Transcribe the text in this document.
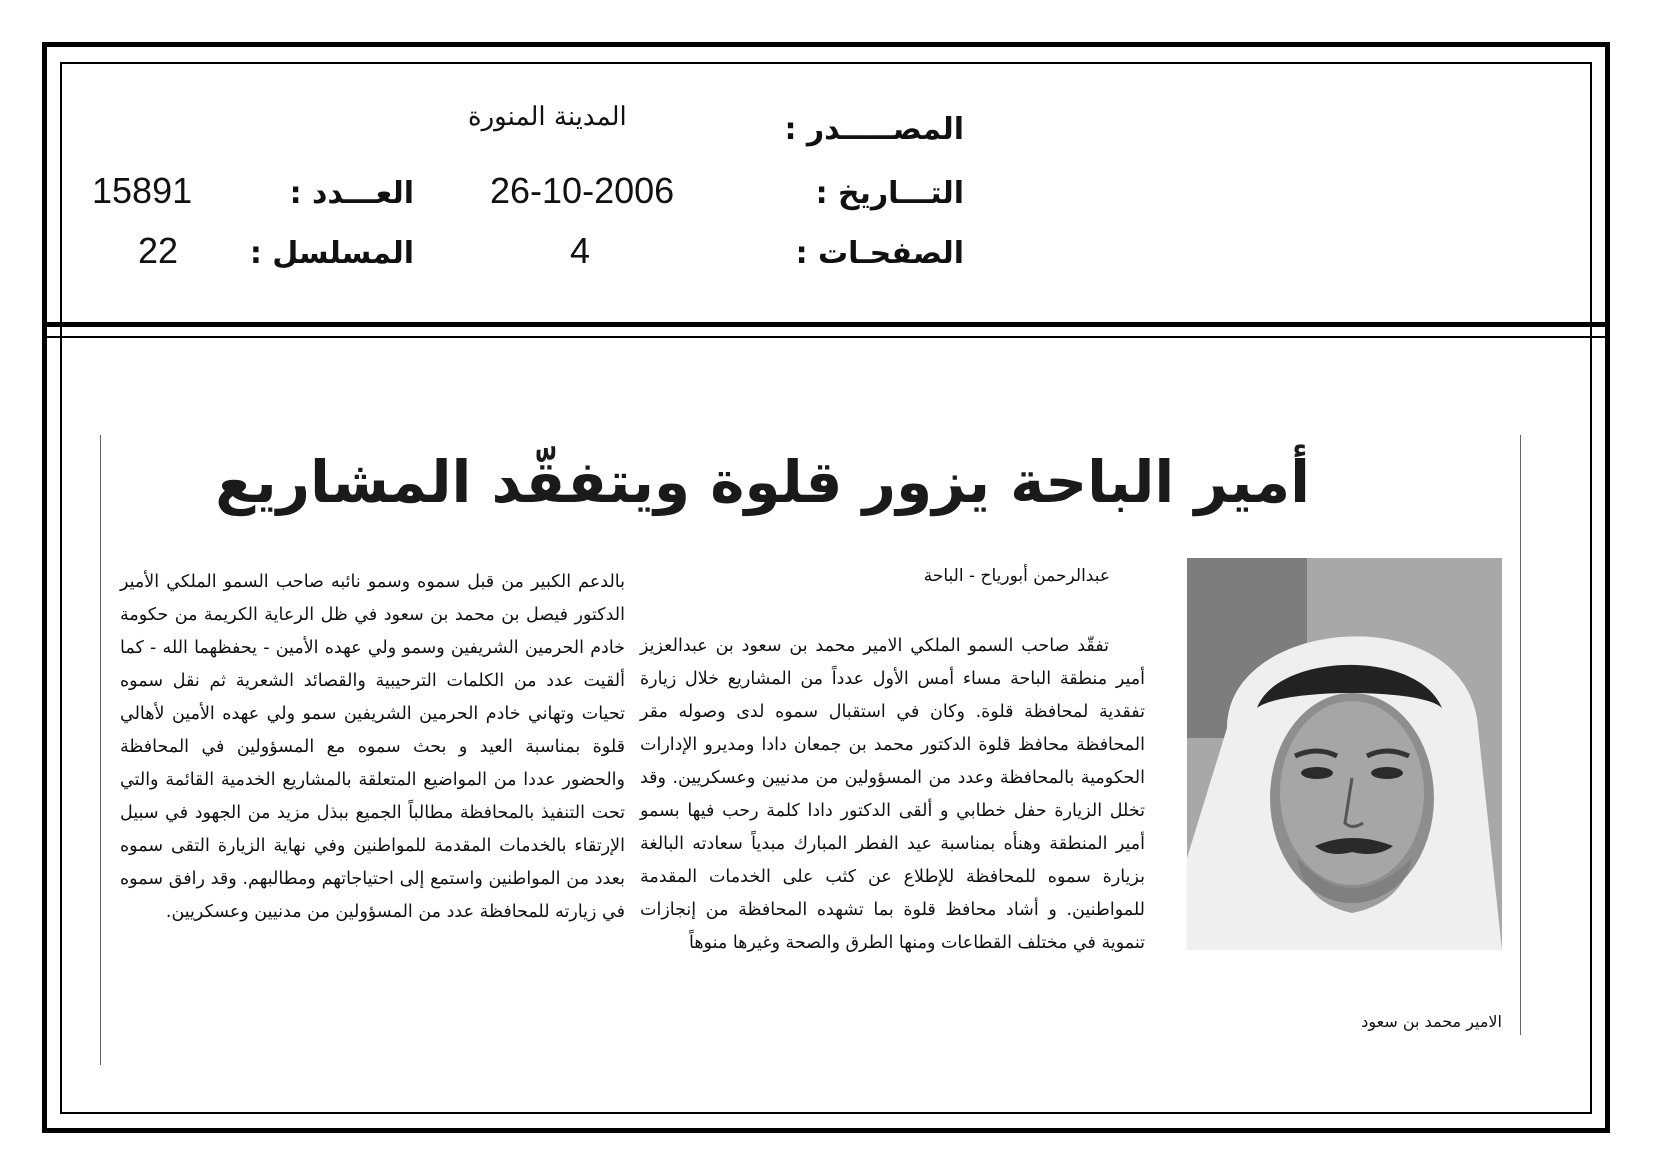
المصـــــدر :
المدينة المنورة
التـــاريخ :
26-10-2006
العـــدد :
15891
الصفحـات :
4
المسلسل :
22
أمير الباحة يزور قلوة ويتفقّد المشاريع
عبدالرحمن أبورياح - الباحة

تفقّد صاحب السمو الملكي الامير محمد بن سعود بن عبدالعزيز أمير منطقة الباحة مساء أمس الأول عدداً من المشاريع خلال زيارة تفقدية لمحافظة قلوة. وكان في استقبال سموه لدى وصوله مقر المحافظة محافظ قلوة الدكتور محمد بن جمعان دادا ومديرو الإدارات الحكومية بالمحافظة وعدد من المسؤولين من مدنيين وعسكريين. وقد تخلل الزيارة حفل خطابي و ألقى الدكتور دادا كلمة رحب فيها بسمو أمير المنطقة وهنأه بمناسبة عيد الفطر المبارك مبدياً سعادته البالغة بزيارة سموه للمحافظة للإطلاع عن كثب على الخدمات المقدمة للمواطنين. و أشاد محافظ قلوة بما تشهده المحافظة من إنجازات تنموية في مختلف القطاعات ومنها الطرق والصحة وغيرها منوهاً

بالدعم الكبير من قبل سموه وسمو نائبه صاحب السمو الملكي الأمير الدكتور فيصل بن محمد بن سعود في ظل الرعاية الكريمة من حكومة خادم الحرمين الشريفين وسمو ولي عهده الأمين - يحفظهما الله - كما ألقيت عدد من الكلمات الترحيبية والقصائد الشعرية ثم نقل سموه تحيات وتهاني خادم الحرمين الشريفين سمو ولي عهده الأمين لأهالي قلوة بمناسبة العيد و بحث سموه مع المسؤولين في المحافظة والحضور عددا من المواضيع المتعلقة بالمشاريع الخدمية القائمة والتي تحت التنفيذ بالمحافظة مطالباً الجميع ببذل مزيد من الجهود في سبيل الإرتقاء بالخدمات المقدمة للمواطنين وفي نهاية الزيارة التقى سموه بعدد من المواطنين واستمع إلى احتياجاتهم ومطالبهم. وقد رافق سموه في زيارته للمحافظة عدد من المسؤولين من مدنيين وعسكريين.

الامير محمد بن سعود
